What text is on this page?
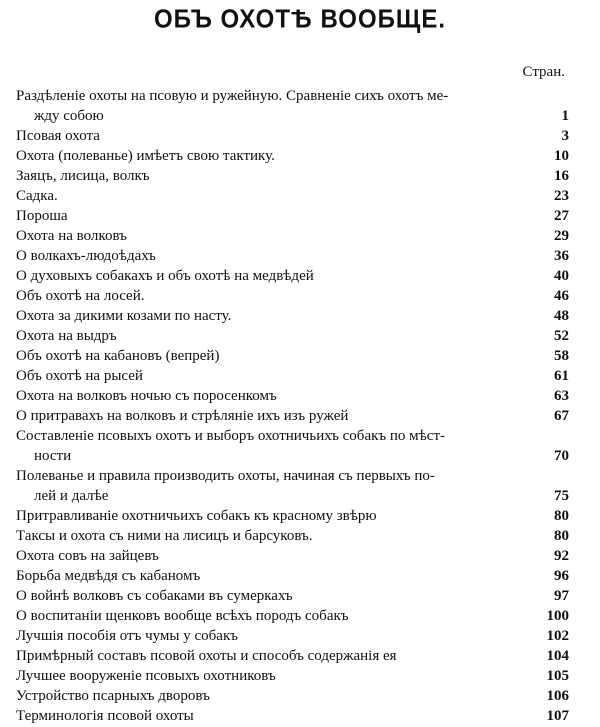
ОБЪ ОХОТѢ ВООБЩЕ.
Стран.
Раздѣленіе охоты на псовую и ружейную. Сравненіе сихъ охотъ ме-
жду собою	1
Псовая охота	3
Охота (полеванье) имѣетъ свою тактику.	10
Заяцъ, лисица, волкъ	16
Садка.	23
Пороша	27
Охота на волковъ	29
О волкахъ-людоѣдахъ	36
О духовыхъ собакахъ и объ охотѣ на медвѣдей	40
Объ охотѣ на лосей.	46
Охота за дикими козами по насту.	48
Охота на выдръ	52
Объ охотѣ на кабановъ (вепрей)	58
Объ охотѣ на рысей	61
Охота на волковъ ночью съ поросенкомъ	63
О притравахъ на волковъ и стрѣлянiе ихъ изъ ружей	67
Составленіе псовыхъ охотъ и выборъ охотничьихъ собакъ по мѣст-
ности	70
Полеванье и правила производить охоты, начиная съ первыхъ по-
лей и далѣе	75
Притравливаніе охотничьихъ собакъ къ красному звѣрю	80
Таксы и охота съ ними на лисицъ и барсуковъ.	80
Охота совъ на зайцевъ	92
Борьба медвѣдя съ кабаномъ	96
О войнѣ волковъ съ собаками въ сумеркахъ	97
О воспитаніи щенковъ вообще всѣхъ породъ собакъ	100
Лучшія пособія отъ чумы у собакъ	102
Примѣрный составъ псовой охоты и способъ содержанія ея	104
Лучшее вооруженіе псовыхъ охотниковъ	105
Устройство псарныхъ дворовъ	106
Терминологія псовой охоты	107
